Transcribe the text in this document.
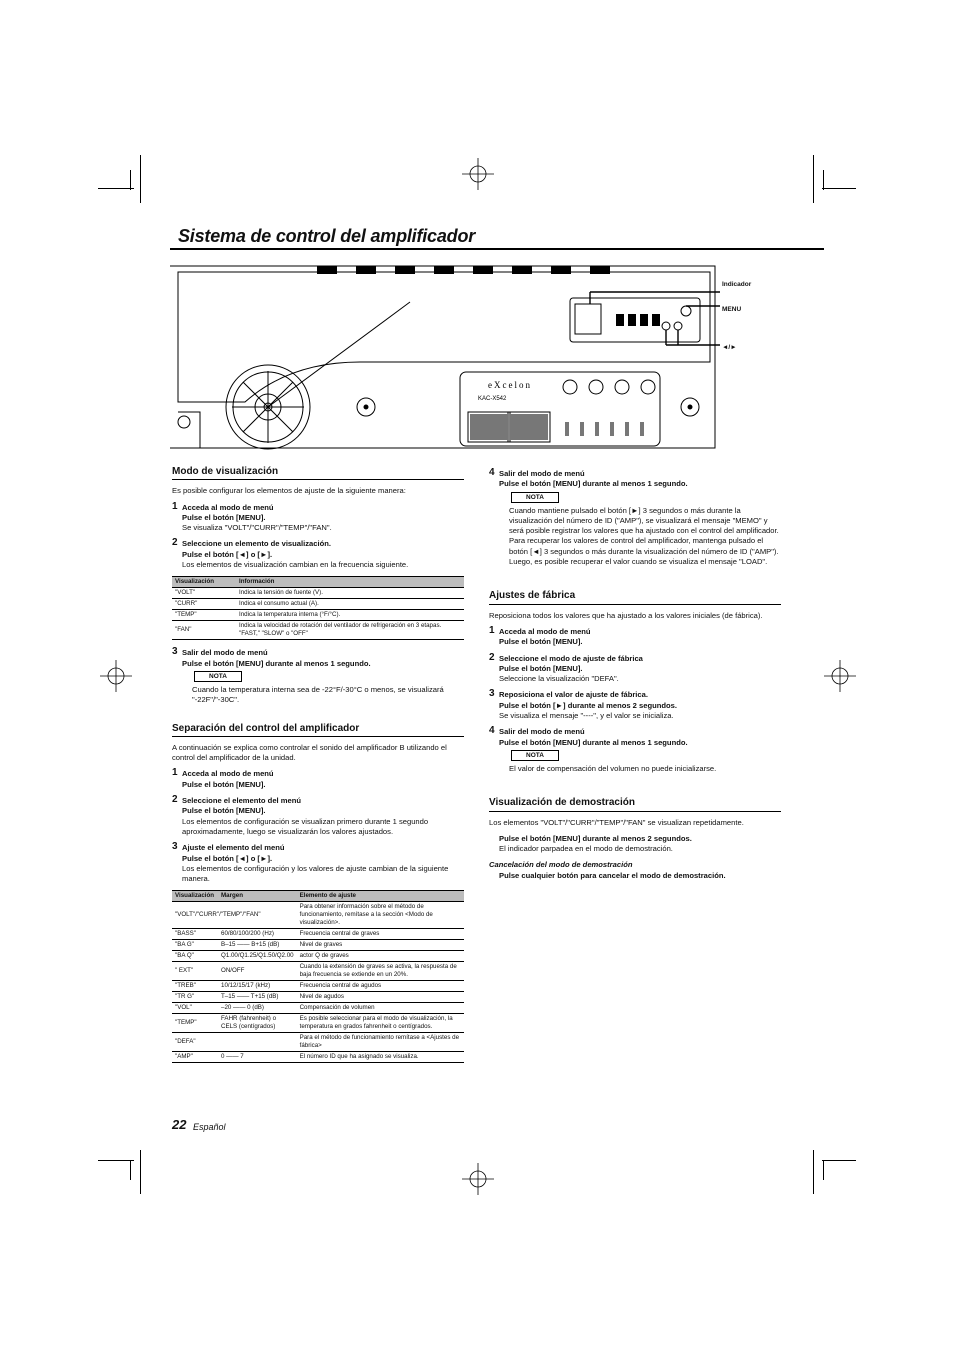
Sistema de control del amplificador
eXcelon
KAC-X542
Indicador
MENU
◄/►
Modo de visualización
Es posible configurar los elementos de ajuste de la siguiente manera:
1 Acceda al modo de menú
Pulse el botón [MENU].
Se visualiza "VOLT"/"CURR"/"TEMP"/"FAN".
2 Seleccione un elemento de visualización.
Pulse el botón [◄] o [►].
Los elementos de visualización cambian en la frecuencia siguiente.
Visualización	Información
"VOLT"	Indica la tensión de fuente (V).
"CURR"	Indica el consumo actual (A).
"TEMP"	Indica la temperatura interna (°F/°C).
"FAN"	Indica la velocidad de rotación del ventilador de refrigeración en 3 etapas. "FAST," "SLOW" o "OFF"
3 Salir del modo de menú
Pulse el botón [MENU] durante al menos 1 segundo.
NOTA
Cuando la temperatura interna sea de -22°F/-30°C o menos, se visualizará "-22F"/"-30C".
Separación del control del amplificador
A continuación se explica como controlar el sonido del amplificador B utilizando el control del amplificador de la unidad.
1 Acceda al modo de menú
Pulse el botón [MENU].
2 Seleccione el elemento del menú
Pulse el botón [MENU].
Los elementos de configuración se visualizan primero durante 1 segundo aproximadamente, luego se visualizarán los valores ajustados.
3 Ajuste el elemento del menú
Pulse el botón [◄] o [►].
Los elementos de configuración y los valores de ajuste cambian de la siguiente manera.
Visualización	Margen	Elemento de ajuste
"VOLT"/"CURR"/"TEMP"/"FAN"		Para obtener información sobre el método de funcionamiento, remítase a la sección <Modo de visualización>.
"BASS"	60/80/100/200 (Hz)	Frecuencia central de graves
"BA G"	B–15 —— B+15 (dB)	Nivel de graves
"BA Q"	Q1.00/Q1.25/Q1.50/Q2.00	actor Q de graves
" EXT"	ON/OFF	Cuando la extensión de graves se activa, la respuesta de baja frecuencia se extiende en un 20%.
"TREB"	10/12/15/17 (kHz)	Frecuencia central de agudos
"TR G"	T–15 —— T+15 (dB)	Nivel de agudos
"VOL"	–20 —— 0 (dB)	Compensación de volumen
"TEMP"	FAHR (fahrenheit) o CELS (centígrados)	Es posible seleccionar para el modo de visualización, la temperatura en grados fahrenheit o centígrados.
"DEFA"		Para el método de funcionamiento remítase a <Ajustes de fábrica>
"AMP"	0 —— 7	El número ID que ha asignado se visualiza.
4 Salir del modo de menú
Pulse el botón [MENU] durante al menos 1 segundo.
NOTA
Cuando mantiene pulsado el botón [►] 3 segundos o más durante la visualización del número de ID ("AMP"), se visualizará el mensaje "MEMO" y será posible registrar los valores que ha ajustado con el control del amplificador. Para recuperar los valores de control del amplificador, mantenga pulsado el botón [◄] 3 segundos o más durante la visualización del número de ID ("AMP"). Luego, es posible recuperar el valor cuando se visualiza el mensaje "LOAD".
Ajustes de fábrica
Reposiciona todos los valores que ha ajustado a los valores iniciales (de fábrica).
1 Acceda al modo de menú
Pulse el botón [MENU].
2 Seleccione el modo de ajuste de fábrica
Pulse el botón [MENU].
Seleccione la visualización "DEFA".
3 Reposiciona el valor de ajuste de fábrica.
Pulse el botón [►] durante al menos 2 segundos.
Se visualiza el mensaje "----", y el valor se inicializa.
4 Salir del modo de menú
Pulse el botón [MENU] durante al menos 1 segundo.
NOTA
El valor de compensación del volumen no puede inicializarse.
Visualización de demostración
Los elementos "VOLT"/"CURR"/"TEMP"/"FAN" se visualizan repetidamente.
Pulse el botón [MENU] durante al menos 2 segundos.
El indicador parpadea en el modo de demostración.
Cancelación del modo de demostración
Pulse cualquier botón para cancelar el modo de demostración.
22 Español
